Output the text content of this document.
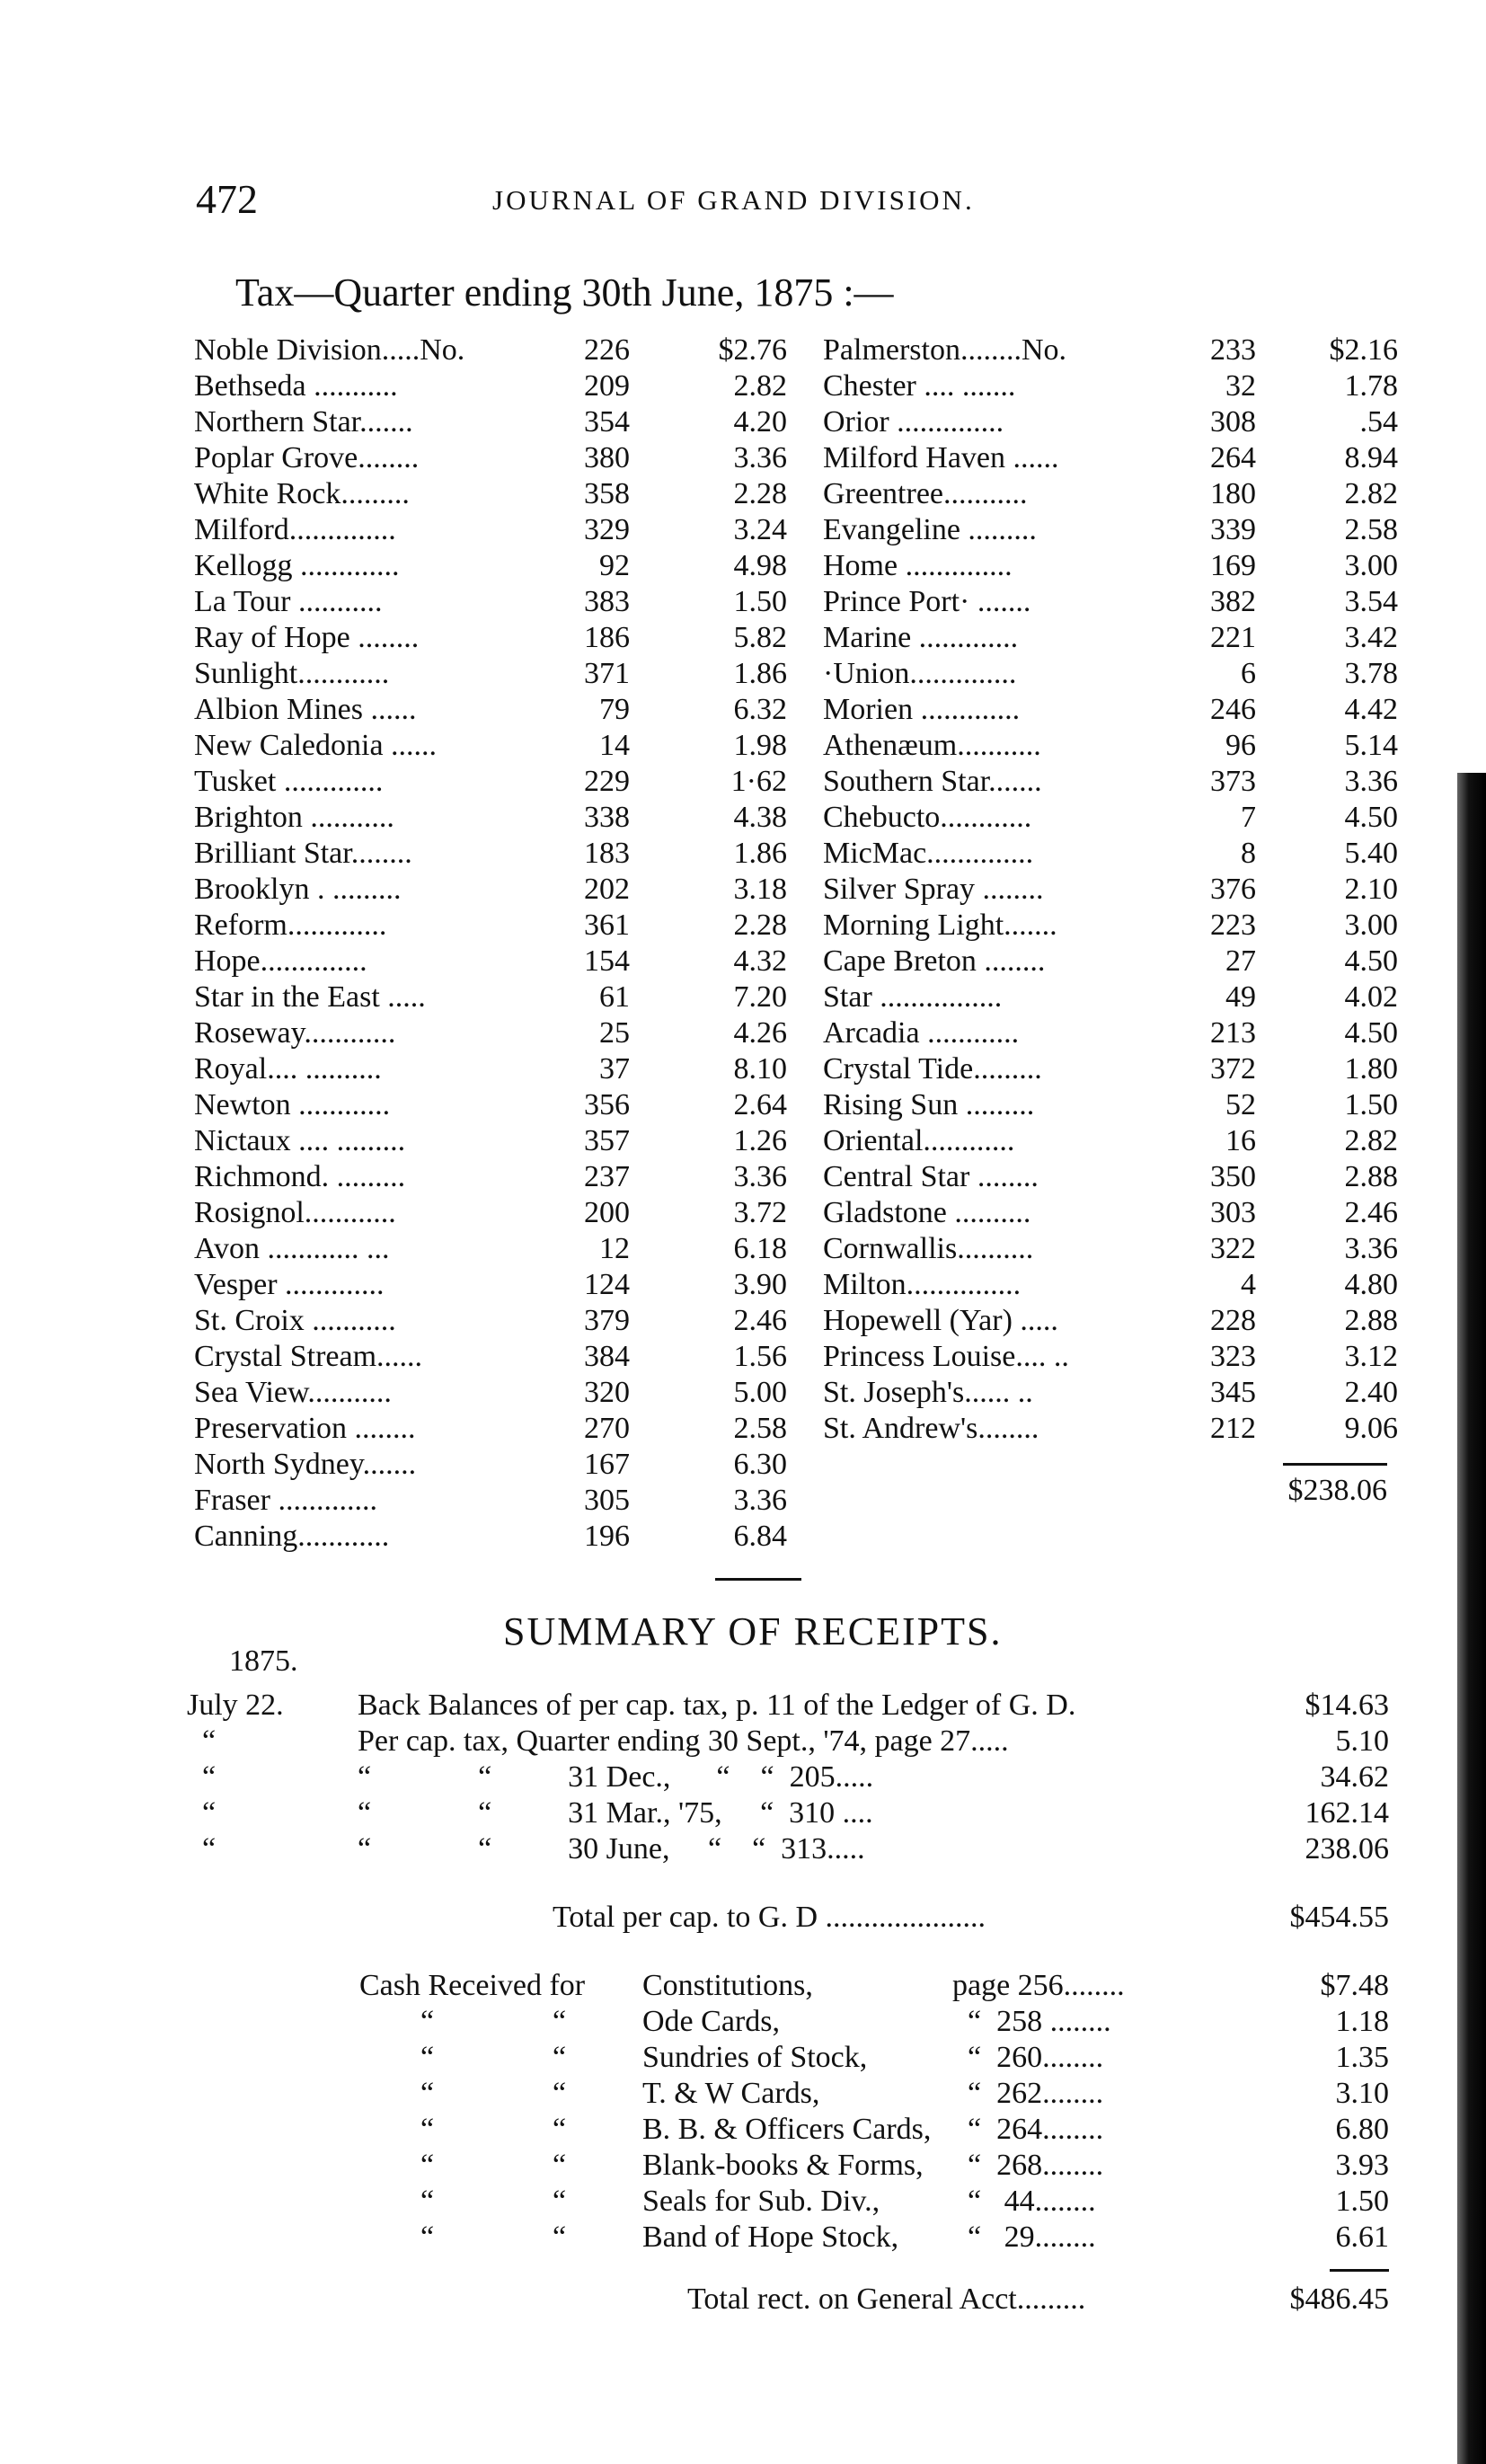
472	JOURNAL OF GRAND DIVISION.
Tax—Quarter ending 30th June, 1875 :—
Noble Division.....No.	226	$2.76
Bethseda ...........	209	2.82
Northern Star.......	354	4.20
Poplar Grove........	380	3.36
White Rock.........	358	2.28
Milford..............	329	3.24
Kellogg .............	92	4.98
La Tour ...........	383	1.50
Ray of Hope ........	186	5.82
Sunlight............	371	1.86
Albion Mines ......	79	6.32
New Caledonia ......	14	1.98
Tusket .............	229	1·62
Brighton ...........	338	4.38
Brilliant Star........	183	1.86
Brooklyn . .........	202	3.18
Reform.............	361	2.28
Hope..............	154	4.32
Star in the East .....	61	7.20
Roseway............	25	4.26
Royal.... ..........	37	8.10
Newton ............	356	2.64
Nictaux .... .........	357	1.26
Richmond. .........	237	3.36
Rosignol............	200	3.72
Avon ............ ...	12	6.18
Vesper .............	124	3.90
St. Croix ...........	379	2.46
Crystal Stream......	384	1.56
Sea View...........	320	5.00
Preservation ........	270	2.58
North Sydney.......	167	6.30
Fraser .............	305	3.36
Canning............	196	6.84
Palmerston........No.	233 $2.16
Chester .... .......	32	1.78
Orior ..............	308	.54
Milford Haven ......	264	8.94
Greentree...........	180	2.82
Evangeline .........	339	2.58
Home ..............	169	3.00
Prince Port· .......	382	3.54
Marine .............	221	3.42
·Union..............	6	3.78
Morien .............	246	4.42
Athenæum...........	96	5.14
Southern Star.......	373	3.36
Chebucto............	7	4.50
MicMac..............	8	5.40
Silver Spray ........	376	2.10
Morning Light.......	223	3.00
Cape Breton ........	27	4.50
Star ................	49	4.02
Arcadia ............	213	4.50
Crystal Tide.........	372	1.80
Rising Sun .........	52	1.50
Oriental............	16	2.82
Central Star ........	350	2.88
Gladstone ..........	303	2.46
Cornwallis..........	322	3.36
Milton...............	4	4.80
Hopewell (Yar) .....	228	2.88
Princess Louise.... ..	323	3.12
St. Joseph's...... ..	345	2.40
St. Andrew's........	212	9.06
$238.06
SUMMARY OF RECEIPTS.
1875.
July 22. Back Balances of per cap. tax, p. 11 of the Ledger of G. D.	$14.63
“	Per cap. tax, Quarter ending 30 Sept., '74, page 27.....	5.10
“	“              “          31 Dec.,      “    “  205.....	34.62
“	“              “          31 Mar., '75,     “  310 ....	162.14
“	“              “          30 June,     “    “  313.....	238.06
Total per cap. to G. D .....................	$454.55
Cash Received for Constitutions,	page 256........	$7.48
“	“ Ode Cards,	“  258 ........	1.18
“	“ Sundries of Stock,	“  260........	1.35
“	“ T. & W Cards,	“  262........	3.10
“	“ B. B. & Officers Cards, “  264........	6.80
“	“ Blank-books & Forms, “  268........	3.93
“	“ Seals for Sub. Div., “   44........	1.50
“	“ Band of Hope Stock, “   29........	6.61
Total rect. on General Acct.........	$486.45
